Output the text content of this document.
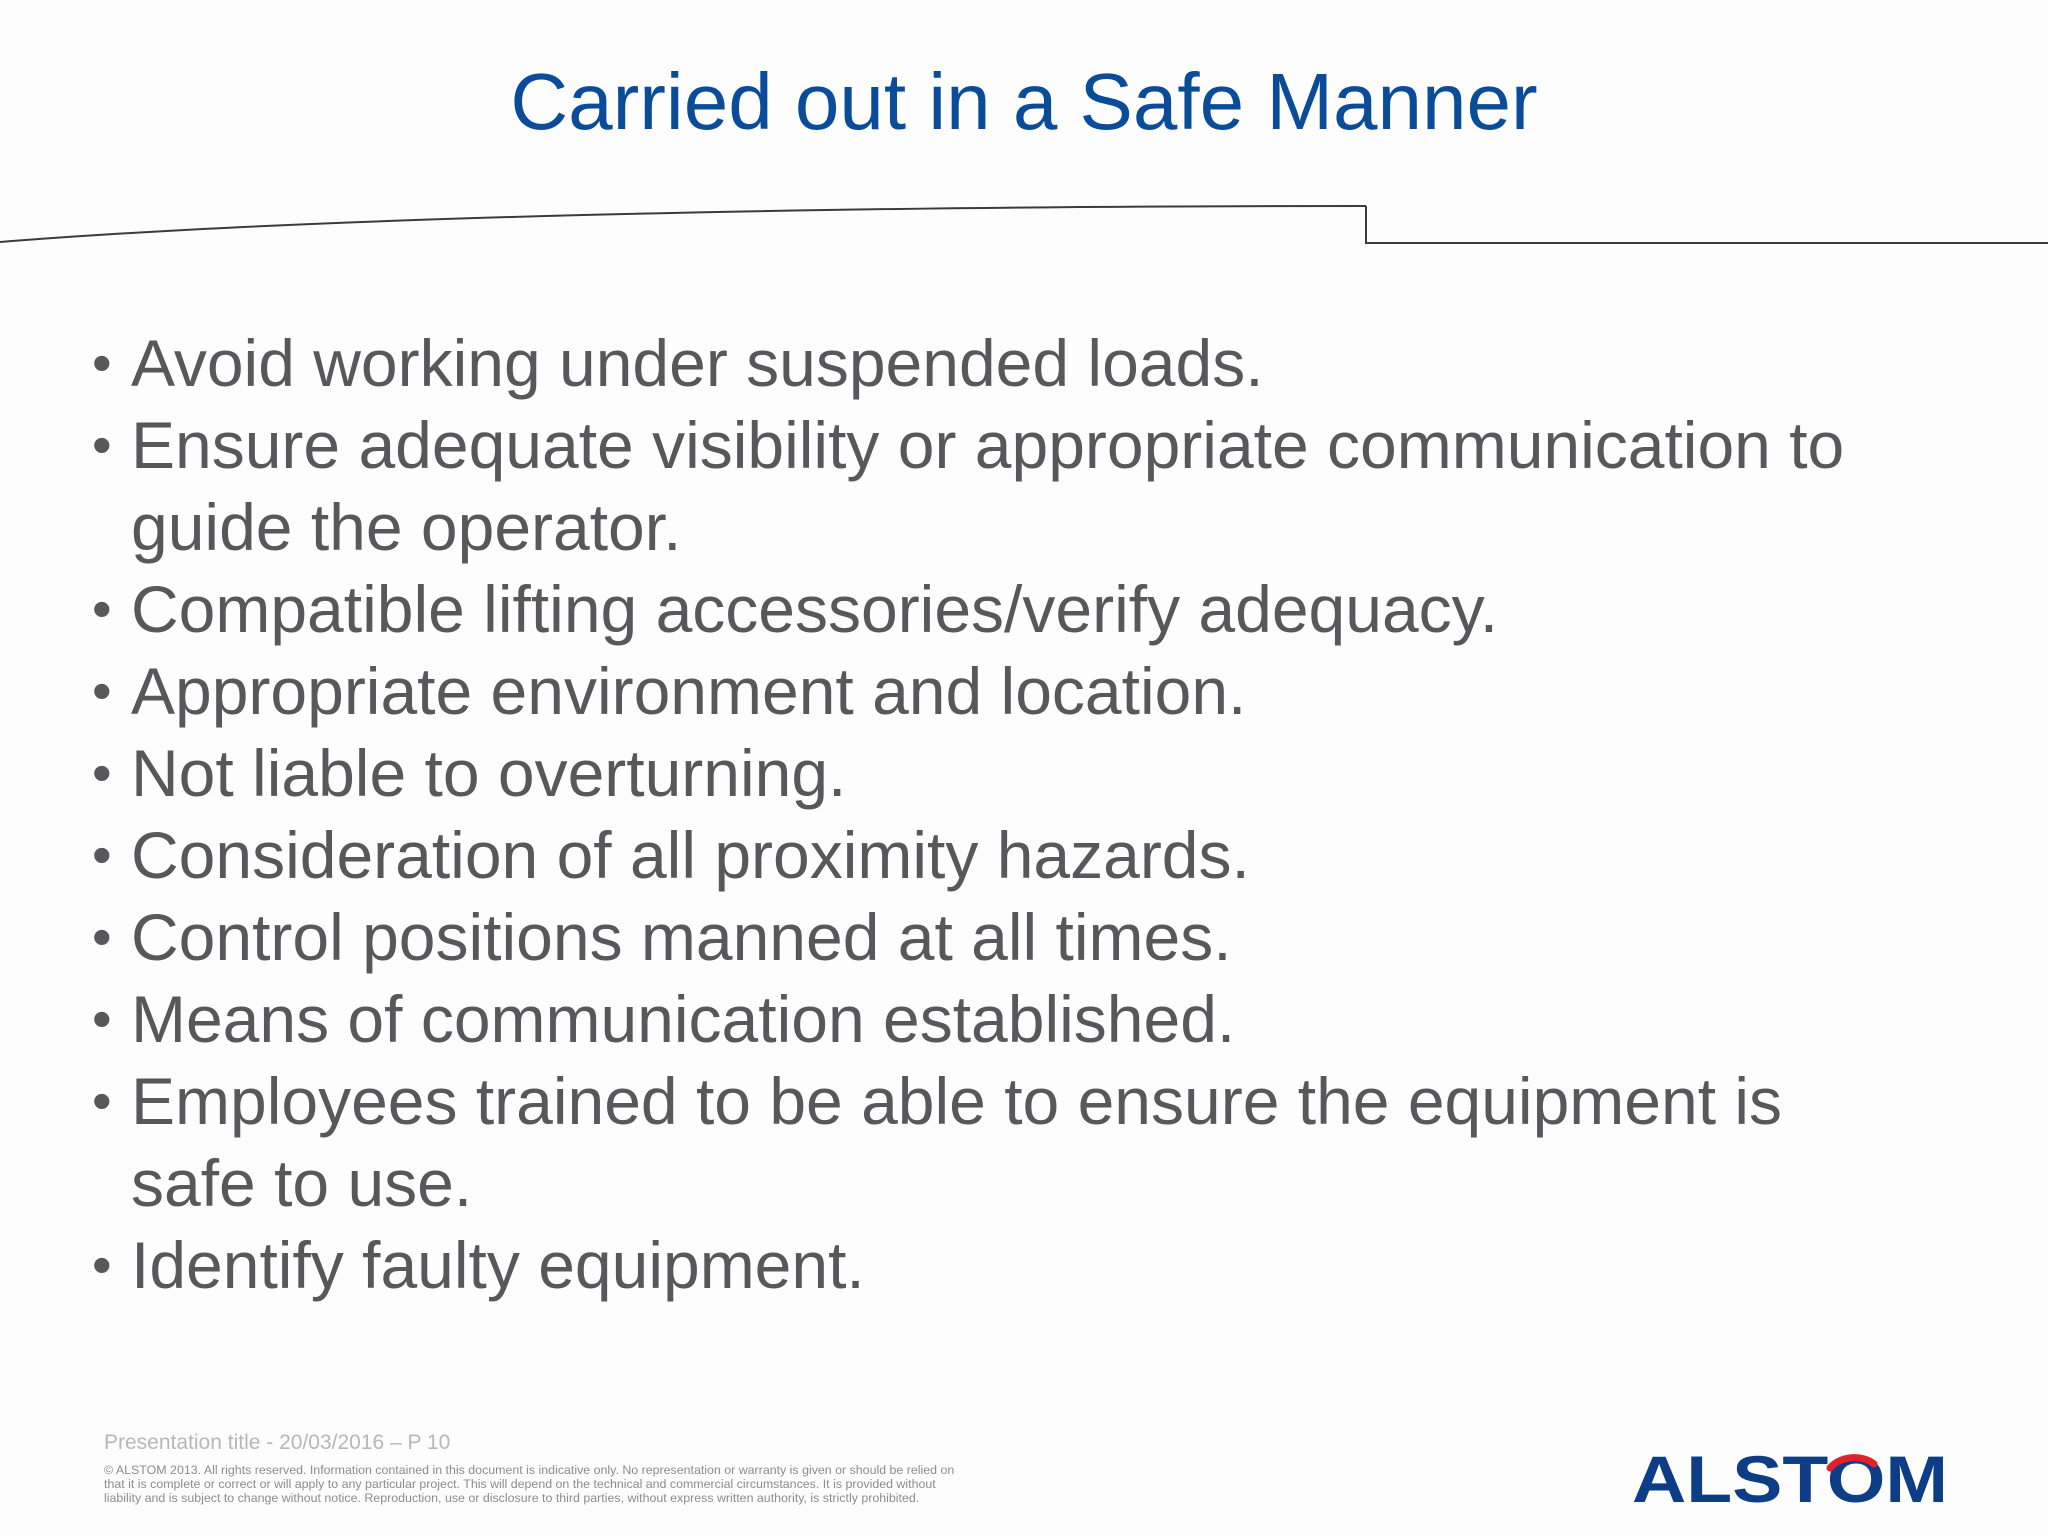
Carried out in a Safe Manner
• Avoid working under suspended loads.
• Ensure adequate visibility or appropriate communication to
guide the operator.
• Compatible lifting accessories/verify adequacy.
• Appropriate environment and location.
• Not liable to overturning.
• Consideration of all proximity hazards.
• Control positions manned at all times.
• Means of communication established.
• Employees trained to be able to ensure the equipment is
safe to use.
• Identify faulty equipment.
Presentation title - 20/03/2016 – P 10
© ALSTOM 2013. All rights reserved. Information contained in this document is indicative only. No representation or warranty is given or should be relied on
that it is complete or correct or will apply to any particular project. This will depend on the technical and commercial circumstances. It is provided without
liability and is subject to change without notice. Reproduction, use or disclosure to third parties, without express written authority, is strictly prohibited.	ALSTOM
